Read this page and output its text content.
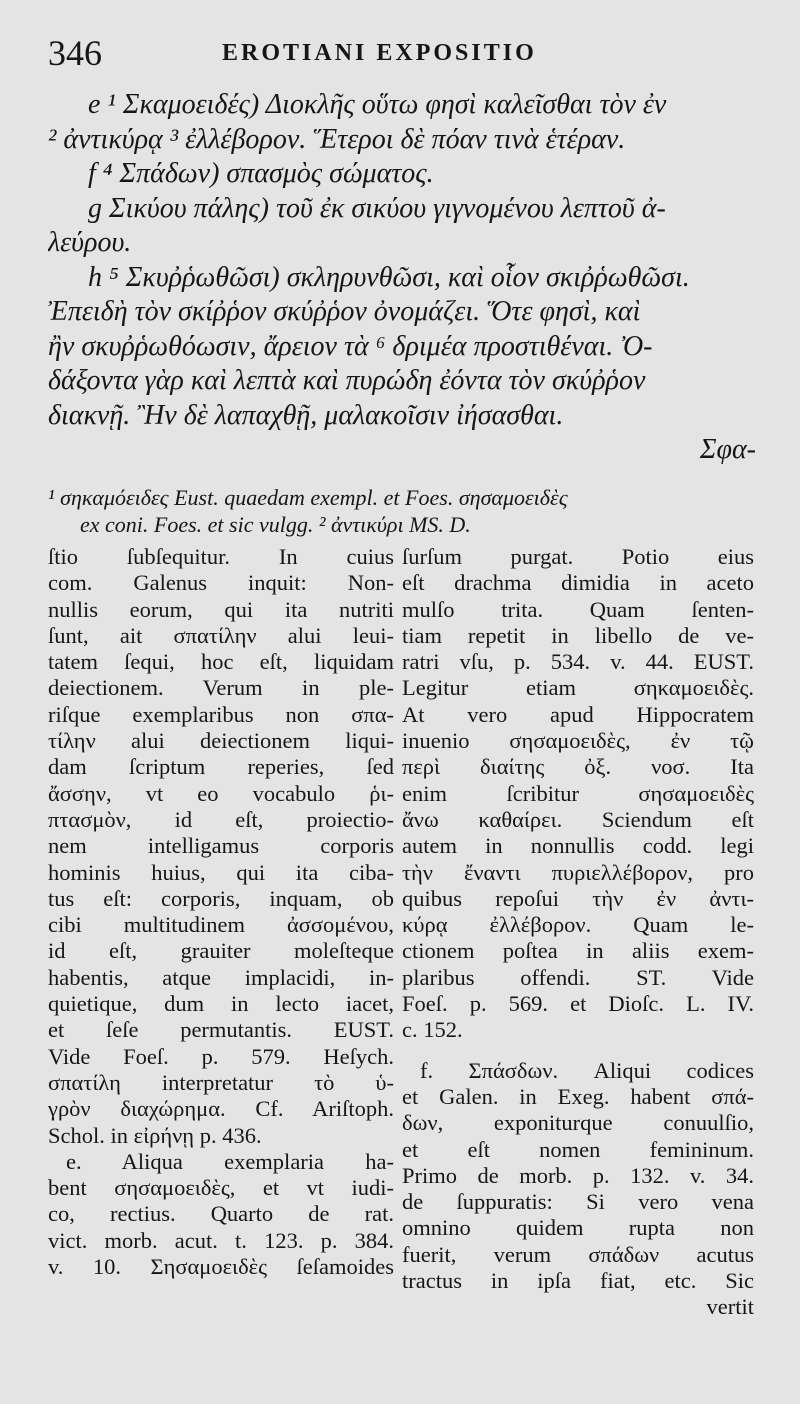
346	EROTIANI EXPOSITIO
e ¹ Σκαμοειδές) Διοκλῆς οὕτω φησὶ καλεῖσθαι τὸν ἐν
² ἀντικύρᾳ ³ ἐλλέβορον. Ἕτεροι δὲ πόαν τινὰ ἑτέραν.
f ⁴ Σπάδων) σπασμὸς σώματος.
g Σικύου πάλης) τοῦ ἐκ σικύου γιγνομένου λεπτοῦ ἀ-
λεύρου.
h ⁵ Σκυῤῥωθῶσι) σκληρυνθῶσι, καὶ οἷον σκιῤῥωθῶσι.
Ἐπειδὴ τὸν σκίῤῥον σκύῤῥον ὀνομάζει. Ὅτε φησὶ, καὶ
ἢν σκυῤῥωθόωσιν, ἄρειον τὰ ⁶ δριμέα προστιθέναι. Ὀ-
δάξοντα γὰρ καὶ λεπτὰ καὶ πυρώδη ἐόντα τὸν σκύῤῥον
διακνῇ. Ἢν δὲ λαπαχθῇ, μαλακοῖσιν ἰήσασθαι.
Σφα-
¹ σηκαμόειδες Eust. quaedam exempl. et Foes. σησαμοειδὲς
ex coni. Foes. et sic vulgg. ² ἀντικύρι MS. D.
ſtio ſubſequitur. In cuius
com. Galenus inquit: Non-
nullis eorum, qui ita nutriti
ſunt, ait σπατίλην alui leui-
tatem ſequi, hoc eſt, liquidam
deiectionem. Verum in ple-
riſque exemplaribus non σπα-
τίλην alui deiectionem liqui-
dam ſcriptum reperies, ſed
ἄσσην, vt eo vocabulo ῥι-
πτασμὸν, id eſt, proiectio-
nem intelligamus corporis
hominis huius, qui ita ciba-
tus eſt: corporis, inquam, ob
cibi multitudinem ἀσσομένου,
id eſt, grauiter moleſteque
habentis, atque implacidi, in-
quietique, dum in lecto iacet,
et ſeſe permutantis. EUST.
Vide Foeſ. p. 579. Heſych.
σπατίλη interpretatur τὸ ὑ-
γρὸν διαχώρημα. Cf. Ariſtoph.
Schol. in εἰρήνῃ p. 436.
e. Aliqua exemplaria ha-
bent σησαμοειδὲς, et vt iudi-
co, rectius. Quarto de rat.
vict. morb. acut. t. 123. p. 384.
v. 10. Σησαμοειδὲς ſeſamoides
ſurſum purgat. Potio eius
eſt drachma dimidia in aceto
mulſo trita. Quam ſenten-
tiam repetit in libello de ve-
ratri vſu, p. 534. v. 44. EUST.
Legitur etiam σηκαμοειδὲς.
At vero apud Hippocratem
inuenio σησαμοειδὲς, ἐν τῷ
περὶ διαίτης ὀξ. νοσ. Ita
enim ſcribitur σησαμοειδὲς
ἄνω καθαίρει. Sciendum eſt
autem in nonnullis codd. legi
τὴν ἔναντι πυριελλέβορον, pro
quibus repoſui τὴν ἐν ἀντι-
κύρᾳ ἐλλέβορον. Quam le-
ctionem poſtea in aliis exem-
plaribus offendi. ST. Vide
Foeſ. p. 569. et Dioſc. L. IV.
c. 152.
f. Σπάσδων. Aliqui codices
et Galen. in Exeg. habent σπά-
δων, exponiturque conuulſio,
et eſt nomen femininum.
Primo de morb. p. 132. v. 34.
de ſuppuratis: Si vero vena
omnino quidem rupta non
fuerit, verum σπάδων acutus
tractus in ipſa fiat, etc. Sic
vertit
